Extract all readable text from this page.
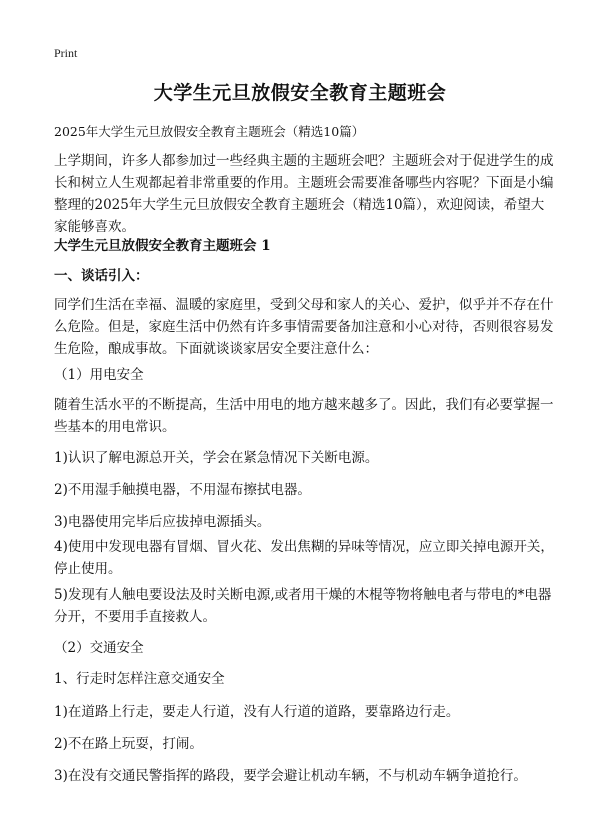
Print
大学生元旦放假安全教育主题班会
2025年大学生元旦放假安全教育主题班会（精选10篇）
上学期间，许多人都参加过一些经典主题的主题班会吧？主题班会对于促进学生的成长和树立人生观都起着非常重要的作用。主题班会需要准备哪些内容呢？下面是小编整理的2025年大学生元旦放假安全教育主题班会（精选10篇），欢迎阅读，希望大家能够喜欢。
大学生元旦放假安全教育主题班会 1
一、谈话引入：
同学们生活在幸福、温暖的家庭里，受到父母和家人的关心、爱护，似乎并不存在什么危险。但是，家庭生活中仍然有许多事情需要备加注意和小心对待，否则很容易发生危险，酿成事故。下面就谈谈家居安全要注意什么：
（1）用电安全
随着生活水平的不断提高，生活中用电的地方越来越多了。因此，我们有必要掌握一些基本的用电常识。
1)认识了解电源总开关，学会在紧急情况下关断电源。
2)不用湿手触摸电器，不用湿布擦拭电器。
3)电器使用完毕后应拔掉电源插头。
4)使用中发现电器有冒烟、冒火花、发出焦糊的异味等情况，应立即关掉电源开关，停止使用。
5)发现有人触电要设法及时关断电源,或者用干燥的木棍等物将触电者与带电的*电器分开，不要用手直接救人。
（2）交通安全
1、行走时怎样注意交通安全
1)在道路上行走，要走人行道，没有人行道的道路，要靠路边行走。
2)不在路上玩耍，打闹。
3)在没有交通民警指挥的路段，要学会避让机动车辆，不与机动车辆争道抢行。
